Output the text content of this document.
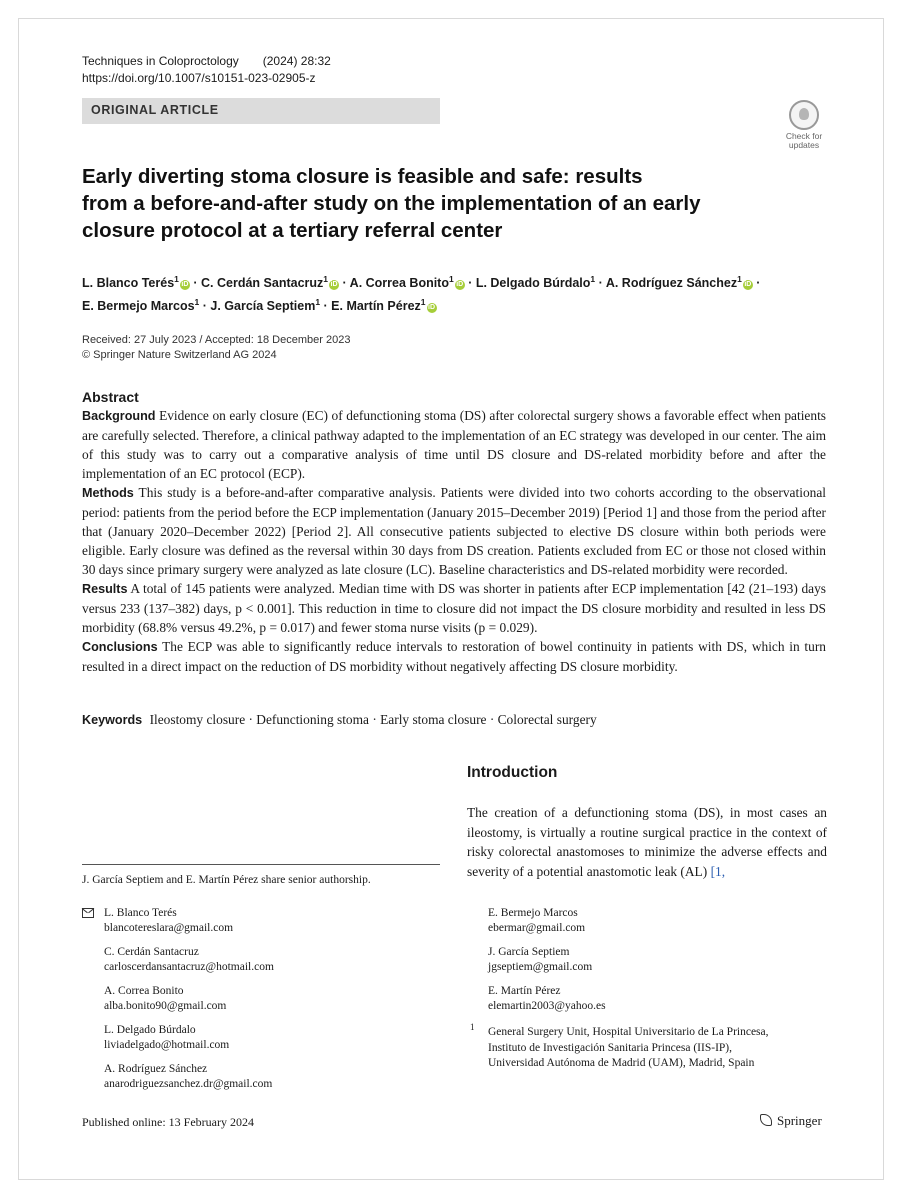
Techniques in Coloproctology (2024) 28:32
https://doi.org/10.1007/s10151-023-02905-z
ORIGINAL ARTICLE
Check for
updates
Early diverting stoma closure is feasible and safe: results
from a before-and-after study on the implementation of an early
closure protocol at a tertiary referral center
L. Blanco Terés$^1$iD · C. Cerdán Santacruz$^1$iD · A. Correa Bonito$^1$iD · L. Delgado Búrdalo$^1$ · A. Rodríguez Sánchez$^1$iD ·
E. Bermejo Marcos$^1$ · J. García Septiem$^1$ · E. Martín Pérez$^1$iD
Received: 27 July 2023 / Accepted: 18 December 2023
© Springer Nature Switzerland AG 2024
Abstract

Background Evidence on early closure (EC) of defunctioning stoma (DS) after colorectal surgery shows a favorable effect when patients are carefully selected. Therefore, a clinical pathway adapted to the implementation of an EC strategy was developed in our center. The aim of this study was to carry out a comparative analysis of time until DS closure and DS-related morbidity before and after the implementation of an EC protocol (ECP).

Methods This study is a before-and-after comparative analysis. Patients were divided into two cohorts according to the observational period: patients from the period before the ECP implementation (January 2015–December 2019) [Period 1] and those from the period after that (January 2020–December 2022) [Period 2]. All consecutive patients subjected to elective DS closure within both periods were eligible. Early closure was defined as the reversal within 30 days from DS creation. Patients excluded from EC or those not closed within 30 days since primary surgery were analyzed as late closure (LC). Baseline characteristics and DS-related morbidity were recorded.

Results A total of 145 patients were analyzed. Median time with DS was shorter in patients after ECP implementation [42 (21–193) days versus 233 (137–382) days, p < 0.001]. This reduction in time to closure did not impact the DS closure morbidity and resulted in less DS morbidity (68.8% versus 49.2%, p = 0.017) and fewer stoma nurse visits (p = 0.029).

Conclusions The ECP was able to significantly reduce intervals to restoration of bowel continuity in patients with DS, which in turn resulted in a direct impact on the reduction of DS morbidity without negatively affecting DS closure morbidity.

Keywords Ileostomy closure · Defunctioning stoma · Early stoma closure · Colorectal surgery
Introduction
The creation of a defunctioning stoma (DS), in most cases an ileostomy, is virtually a routine surgical practice in the context of risky colorectal anastomoses to minimize the adverse effects and severity of a potential anastomotic leak (AL) [1,
J. García Septiem and E. Martín Pérez share senior authorship.
L. Blanco Terés
blancotereslara@gmail.com
C. Cerdán Santacruz
carloscerdansantacruz@hotmail.com
A. Correa Bonito
alba.bonito90@gmail.com
L. Delgado Búrdalo
liviadelgado@hotmail.com
A. Rodríguez Sánchez
anarodriguezsanchez.dr@gmail.com
E. Bermejo Marcos
ebermar@gmail.com
J. García Septiem
jgseptiem@gmail.com
E. Martín Pérez
elemartin2003@yahoo.es
1 General Surgery Unit, Hospital Universitario de La Princesa,
Instituto de Investigación Sanitaria Princesa (IIS-IP),
Universidad Autónoma de Madrid (UAM), Madrid, Spain
Published online: 13 February 2024	Springer
